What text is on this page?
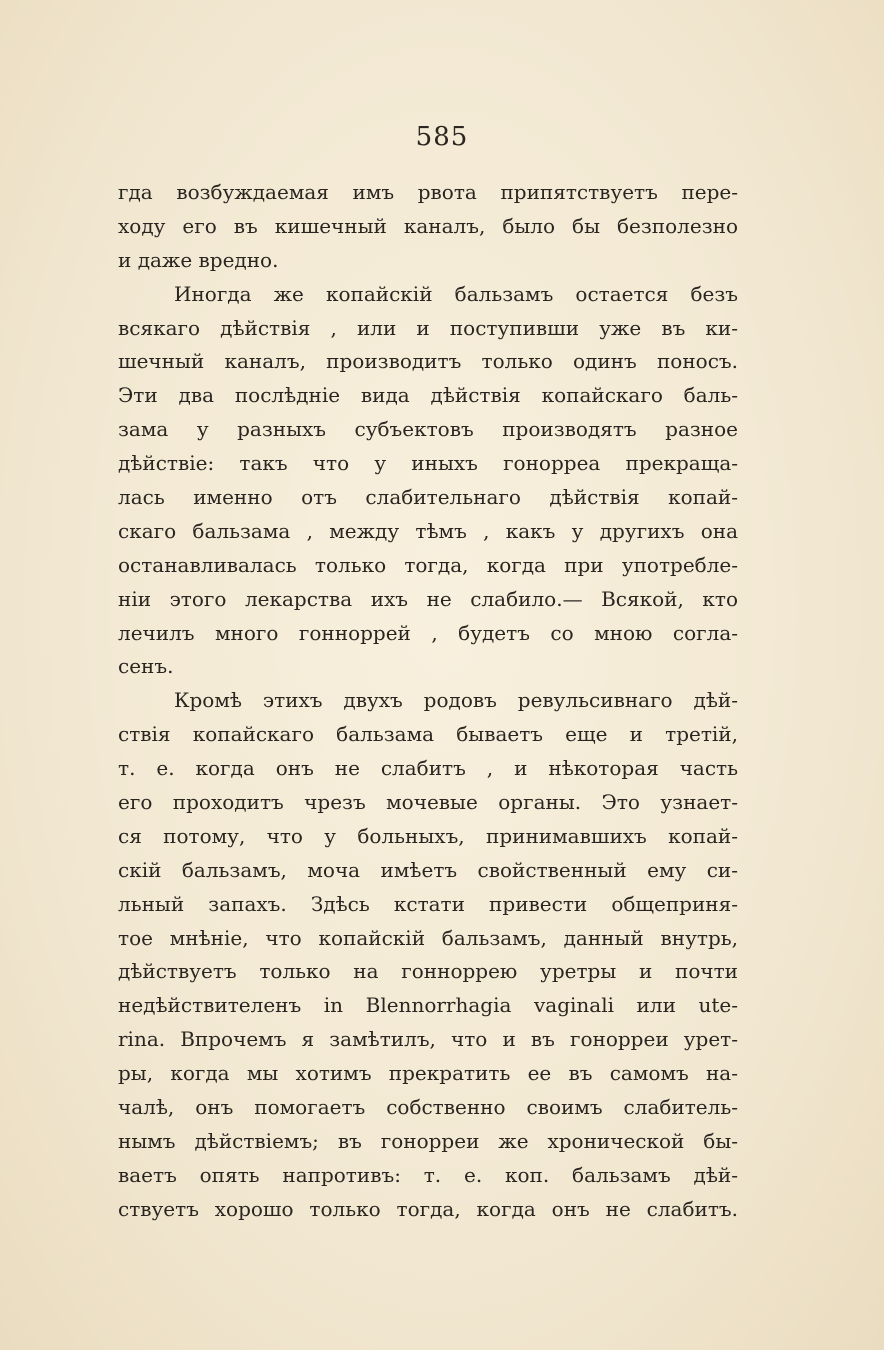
585
гда возбуждаемая имъ рвота припятствуетъ пере-
ходу его въ кишечный каналъ, было бы безполезно
и даже вредно.
Иногда же копайскій бальзамъ остается безъ
всякаго дѣйствія , или и поступивши уже въ ки-
шечный каналъ, производитъ только одинъ поносъ.
Эти два послѣдніе вида дѣйствія копайскаго баль-
зама у разныхъ субъектовъ производятъ разное
дѣйствіе: такъ что у иныхъ гонорреа прекраща-
лась именно отъ слабительнаго дѣйствія копай-
скаго бальзама , между тѣмъ , какъ у другихъ она
останавливалась только тогда, когда при употребле-
ніи этого лекарства ихъ не слабило.— Всякой, кто
лечилъ много гонноррей , будетъ со мною согла-
сенъ.
Кромѣ этихъ двухъ родовъ ревульсивнаго дѣй-
ствія копайскаго бальзама бываетъ еще и третій,
т. е. когда онъ не слабитъ , и нѣкоторая часть
его проходитъ чрезъ мочевые органы. Это узнает-
ся потому, что у больныхъ, принимавшихъ копай-
скій бальзамъ, моча имѣетъ свойственный ему си-
льный запахъ. Здѣсь кстати привести общеприня-
тое мнѣніе, что копайскій бальзамъ, данный внутрь,
дѣйствуетъ только на гонноррею уретры и почти
недѣйствителенъ in Blennorrhagia vaginali или ute-
rina. Впрочемъ я замѣтилъ, что и въ гонорреи урет-
ры, когда мы хотимъ прекратить ее въ самомъ на-
чалѣ, онъ помогаетъ собственно своимъ слабитель-
нымъ дѣйствіемъ; въ гонорреи же хронической бы-
ваетъ опять напротивъ: т. е. коп. бальзамъ дѣй-
ствуетъ хорошо только тогда, когда онъ не слабитъ.
